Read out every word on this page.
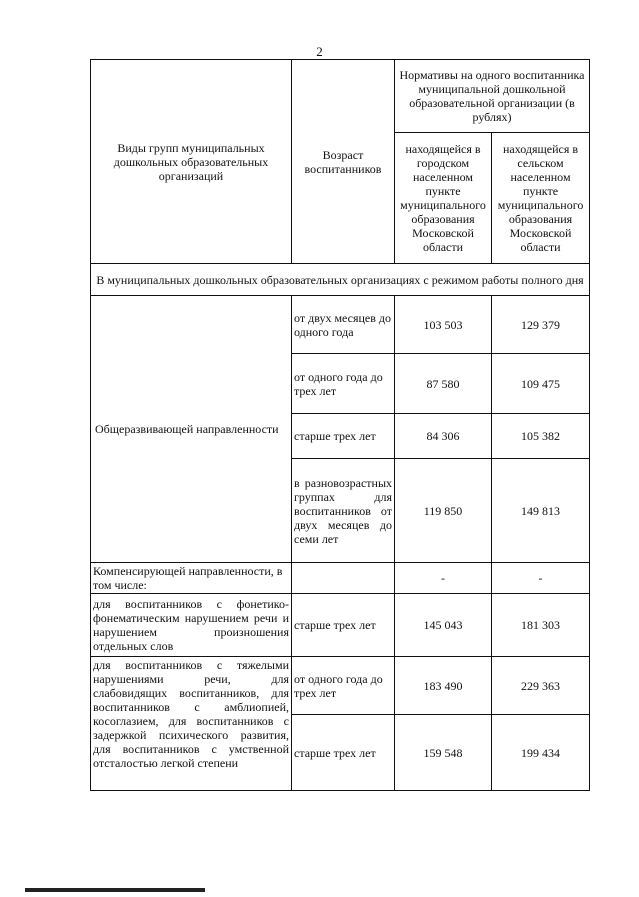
2
Виды групп муниципальных дошкольных образовательных организаций	Возраст воспитанников	Нормативы на одного воспитанника муниципальной дошкольной образовательной организации (в рублях)	
		находящейся в городском населенном пункте муниципального образования Московской области	находящейся в сельском населенном пункте муниципального образования Московской области
В муниципальных дошкольных образовательных организациях с режимом работы полного дня			
Общеразвивающей направленности	от двух месяцев до одного года	103 503	129 379
	от одного года до трех лет	87 580	109 475
	старше трех лет	84 306	105 382
	в разновозрастных группах для воспитанников от двух месяцев до семи лет	119 850	149 813
Компенсирующей направленности, в том числе:		-	-
для воспитанников с фонетико-фонематическим нарушением речи и нарушением произношения отдельных слов	старше трех лет	145 043	181 303
для воспитанников с тяжелыми нарушениями речи, для слабовидящих воспитанников, для воспитанников с амблиопией, косоглазием, для воспитанников с задержкой психического развития, для воспитанников с умственной отсталостью легкой степени	от одного года до трех лет	183 490	229 363
	старше трех лет	159 548	199 434
